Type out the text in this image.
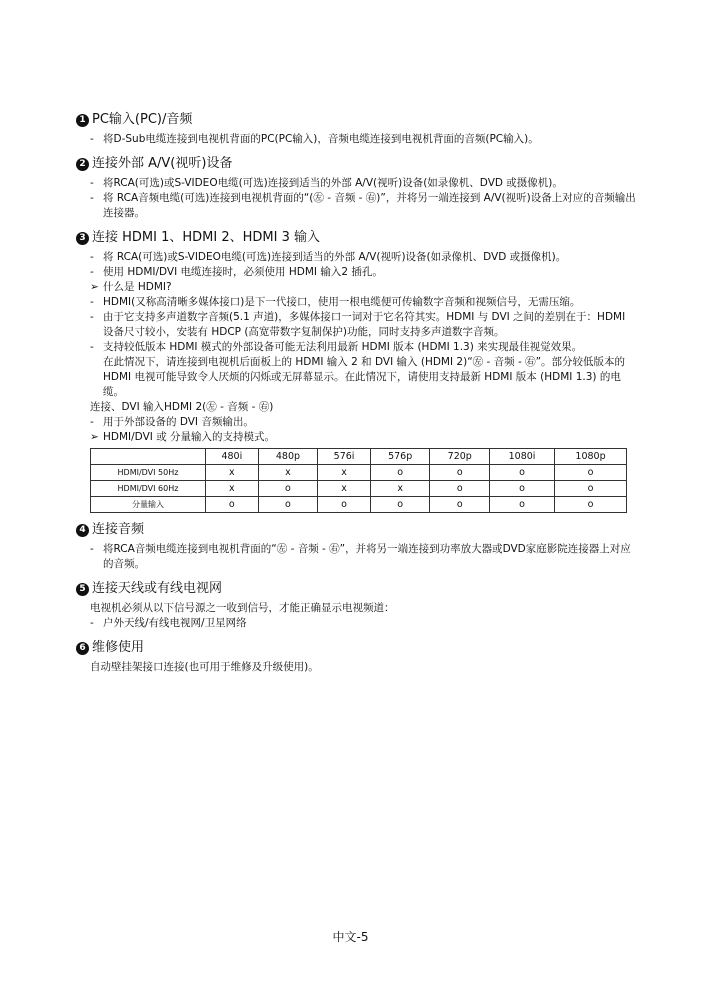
1 PC输入(PC)/音频
- 将D-Sub电缆连接到电视机背面的PC(PC输入)，音频电缆连接到电视机背面的音频(PC输入)。
2 连接外部 A/V(视听)设备
- 将RCA(可选)或S-VIDEO电缆(可选)连接到适当的外部 A/V(视听)设备(如录像机、DVD 或摄像机)。
- 将 RCA音频电缆(可选)连接到电视机背面的“(㊧ - 音频 - ㊨)”，并将另一端连接到 A/V(视听)设备上对应的音频输出连接器。
3 连接 HDMI 1、HDMI 2、HDMI 3 输入
- 将 RCA(可选)或S-VIDEO电缆(可选)连接到适当的外部 A/V(视听)设备(如录像机、DVD 或摄像机)。
- 使用 HDMI/DVI 电缆连接时，必须使用 HDMI 输入2 插孔。
➢ 什么是 HDMI?
- HDMI(又称高清晰多媒体接口)是下一代接口，使用一根电缆便可传输数字音频和视频信号，无需压缩。
- 由于它支持多声道数字音频(5.1 声道)，多媒体接口一词对于它名符其实。HDMI 与 DVI 之间的差别在于：HDMI 设备尺寸较小，安装有 HDCP (高宽带数字复制保护)功能，同时支持多声道数字音频。
- 支持较低版本 HDMI 模式的外部设备可能无法利用最新 HDMI 版本 (HDMI 1.3) 来实现最佳视觉效果。
在此情况下，请连接到电视机后面板上的 HDMI 输入 2 和 DVI 输入 (HDMI 2)“㊧ - 音频 - ㊨”。部分较低版本的 HDMI 电视可能导致令人厌烦的闪烁或无屏幕显示。在此情况下，请使用支持最新 HDMI 版本 (HDMI 1.3) 的电缆。
连接、DVI 输入HDMI 2(㊧ - 音频 - ㊨)
- 用于外部设备的 DVI 音频输出。
➢ HDMI/DVI 或 分量输入的支持模式。
	480i	480p	576i	576p	720p	1080i	1080p
HDMI/DVI 50Hz	x	x	x	o	o	o	o
HDMI/DVI 60Hz	x	o	x	x	o	o	o
分量输入	o	o	o	o	o	o	o
4 连接音频
- 将RCA音频电缆连接到电视机背面的“㊧ - 音频 - ㊨”，并将另一端连接到功率放大器或DVD家庭影院连接器上对应的音频。
5 连接天线或有线电视网
电视机必须从以下信号源之一收到信号，才能正确显示电视频道：
- 户外天线/有线电视网/卫星网络
6 维修使用
自动壁挂架接口连接(也可用于维修及升级使用)。
中文-5
